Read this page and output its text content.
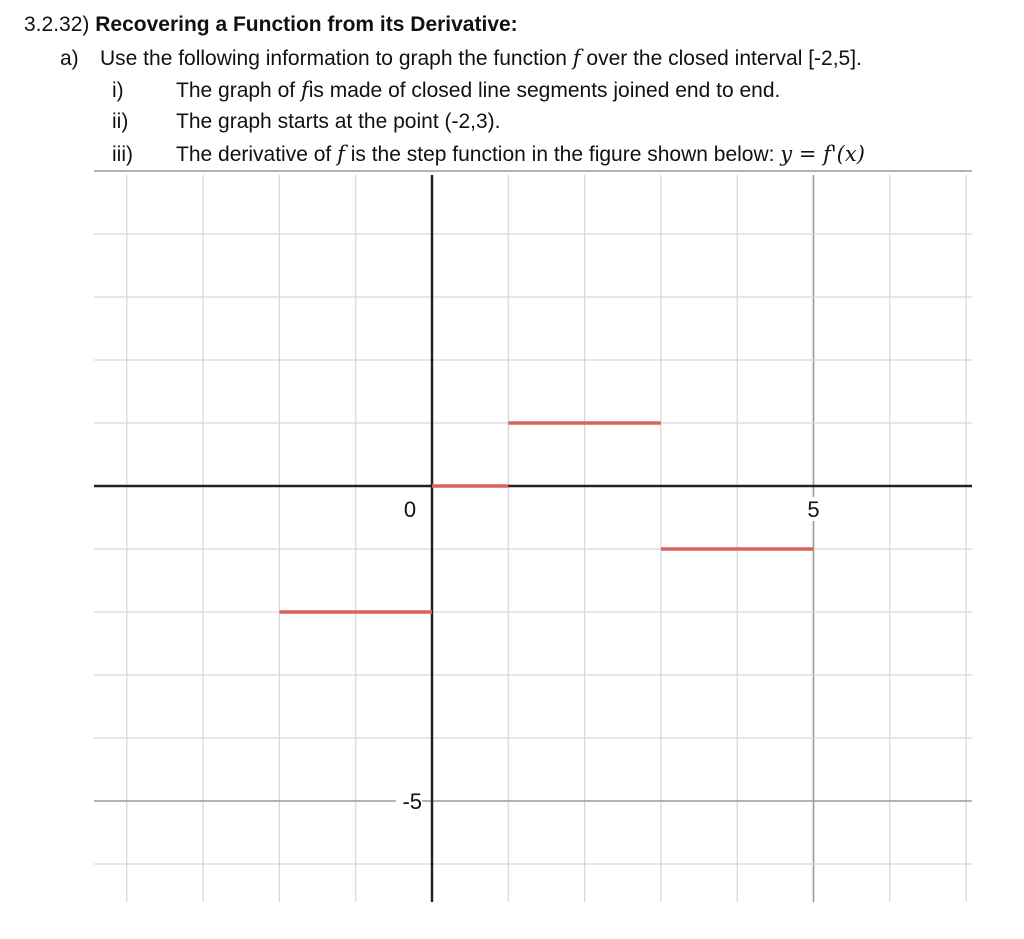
3.2.32) Recovering a Function from its Derivative:
a) Use the following information to graph the function f over the closed interval [-2,5].
i) The graph of fis made of closed line segments joined end to end.
ii) The graph starts at the point (-2,3).
iii) The derivative of f is the step function in the figure shown below: y = f'(x)
0	5
-5
